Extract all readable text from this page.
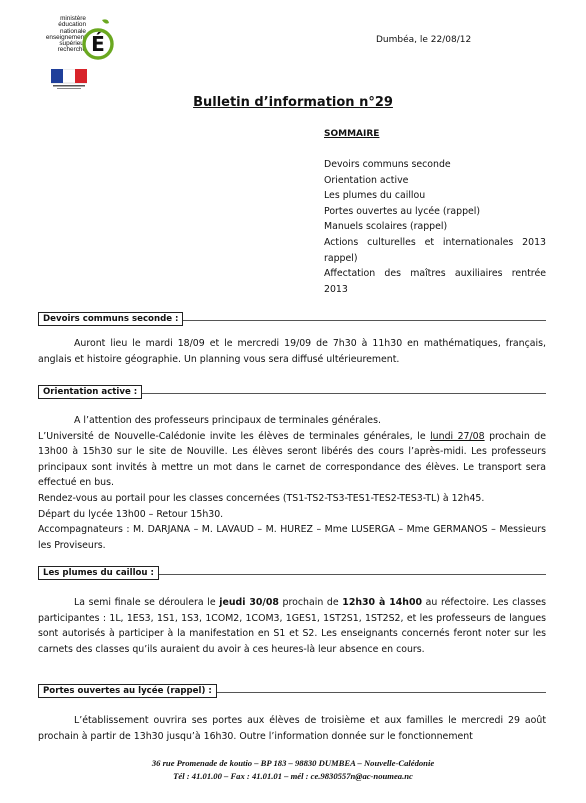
ministère
éducation
nationale
enseignement
supérieur
recherche É	Dumbéa, le 22/08/12
Bulletin d’information n°29
SOMMAIRE
Devoirs communs seconde
Orientation active
Les plumes du caillou
Portes ouvertes au lycée (rappel)
Manuels scolaires (rappel)
Actions culturelles et internationales 2013 rappel)
Affectation des maîtres auxiliaires rentrée 2013
Devoirs communs seconde :

Auront lieu le mardi 18/09 et le mercredi 19/09 de 7h30 à 11h30 en mathématiques, français, anglais et histoire géographie. Un planning vous sera diffusé ultérieurement.

Orientation active :

A l’attention des professeurs principaux de terminales générales.

L’Université de Nouvelle-Calédonie invite les élèves de terminales générales, le lundi 27/08 prochain de 13h00 à 15h30 sur le site de Nouville. Les élèves seront libérés des cours l’après-midi. Les professeurs principaux sont invités à mettre un mot dans le carnet de correspondance des élèves. Le transport sera effectué en bus.

Rendez-vous au portail pour les classes concernées (TS1-TS2-TS3-TES1-TES2-TES3-TL) à 12h45.

Départ du lycée 13h00 – Retour 15h30.

Accompagnateurs : M. DARJANA – M. LAVAUD – M. HUREZ – Mme LUSERGA – Mme GERMANOS – Messieurs les Proviseurs.

Les plumes du caillou :

La semi finale se déroulera le jeudi 30/08 prochain de 12h30 à 14h00 au réfectoire. Les classes participantes : 1L, 1ES3, 1S1, 1S3, 1COM2, 1COM3, 1GES1, 1ST2S1, 1ST2S2, et les professeurs de langues sont autorisés à participer à la manifestation en S1 et S2. Les enseignants concernés feront noter sur les carnets des classes qu’ils auraient du avoir à ces heures-là leur absence en cours.

Portes ouvertes au lycée (rappel) :

L’établissement ouvrira ses portes aux élèves de troisième et aux familles le mercredi 29 août prochain à partir de 13h30 jusqu’à 16h30. Outre l’information donnée sur le fonctionnement

36 rue Promenade de koutio – BP 183 – 98830 DUMBEA – Nouvelle-Calédonie
Tél : 41.01.00 – Fax : 41.01.01 – mél : ce.9830557n@ac-noumea.nc
